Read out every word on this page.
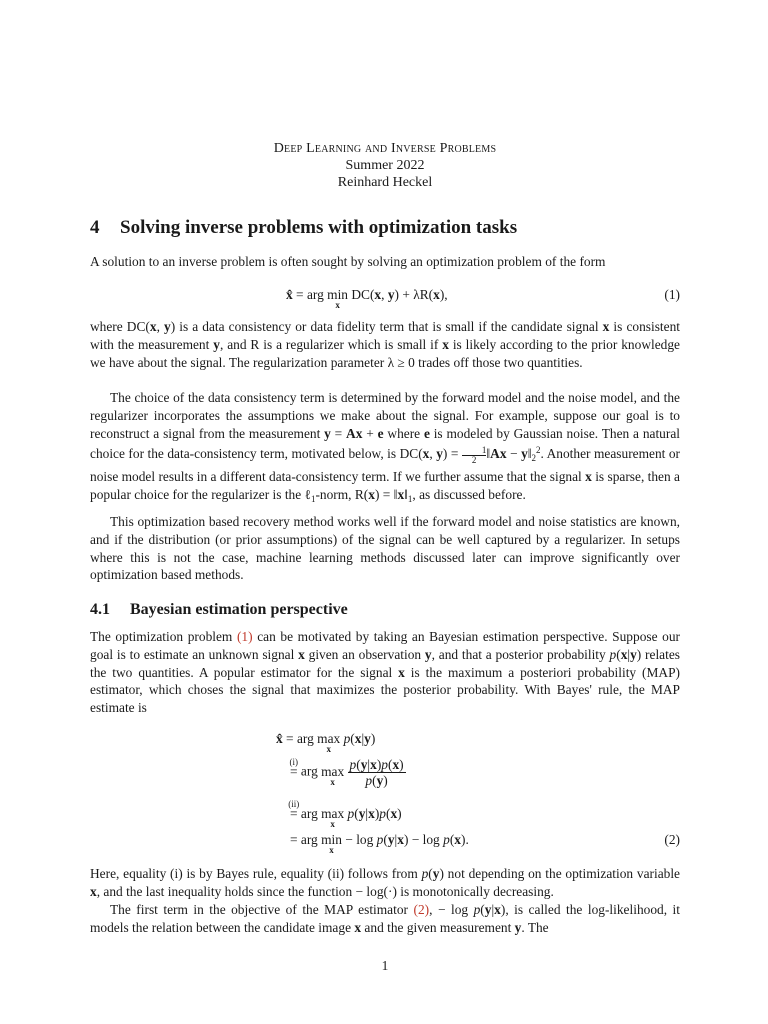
Deep Learning and Inverse Problems
Summer 2022
Reinhard Heckel
4 Solving inverse problems with optimization tasks

A solution to an inverse problem is often sought by solving an optimization problem of the form

x̂ = arg min
x
DC(x, y) + λR(x),	(1)

where DC(x, y) is a data consistency or data fidelity term that is small if the candidate signal x is consistent with the measurement y, and R is a regularizer which is small if x is likely according to the prior knowledge we have about the signal. The regularization parameter λ ≥ 0 trades off those two quantities.

The choice of the data consistency term is determined by the forward model and the noise model, and the regularizer incorporates the assumptions we make about the signal. For example, suppose our goal is to reconstruct a signal from the measurement y = Ax + e where e is modeled by Gaussian noise. Then a natural choice for the data-consistency term, motivated below, is DC(x, $y) = \frac{1}{2}‖Ax$ − $y‖_2^2$. Another measurement or noise model results in a different data-consistency term. If we further assume that the signal x is sparse, then a popular choice for the regularizer is the ℓ$_1$-norm, $R(x) = ‖x‖_1$, as discussed before.

This optimization based recovery method works well if the forward model and noise statistics are known, and if the distribution (or prior assumptions) of the signal can be well captured by a regularizer. In setups where this is not the case, machine learning methods discussed later can improve significantly over optimization based methods.

4.1 Bayesian estimation perspective

The optimization problem (1) can be motivated by taking an Bayesian estimation perspective. Suppose our goal is to estimate an unknown signal x given an observation y, and that a posterior probability p(x|y) relates the two quantities. A popular estimator for the signal x is the maximum a posteriori probability (MAP) estimator, which choses the signal that maximizes the posterior probability. With Bayes' rule, the MAP estimate is

x̂ = arg max
x
p(x|y)
(i)
= arg max
x
$\frac{p(y|x)p(x)}{p(y)}$
(ii)
= arg max
x
p(y|x)p(x)
= arg min
x
− log p(y|x) − log p(x).	(2)

Here, equality (i) is by Bayes rule, equality (ii) follows from p(y) not depending on the optimization variable x, and the last inequality holds since the function − log(·) is monotonically decreasing.

The first term in the objective of the MAP estimator (2), − log p(y|x), is called the log-likelihood, it models the relation between the candidate image x and the given measurement y. The

1
